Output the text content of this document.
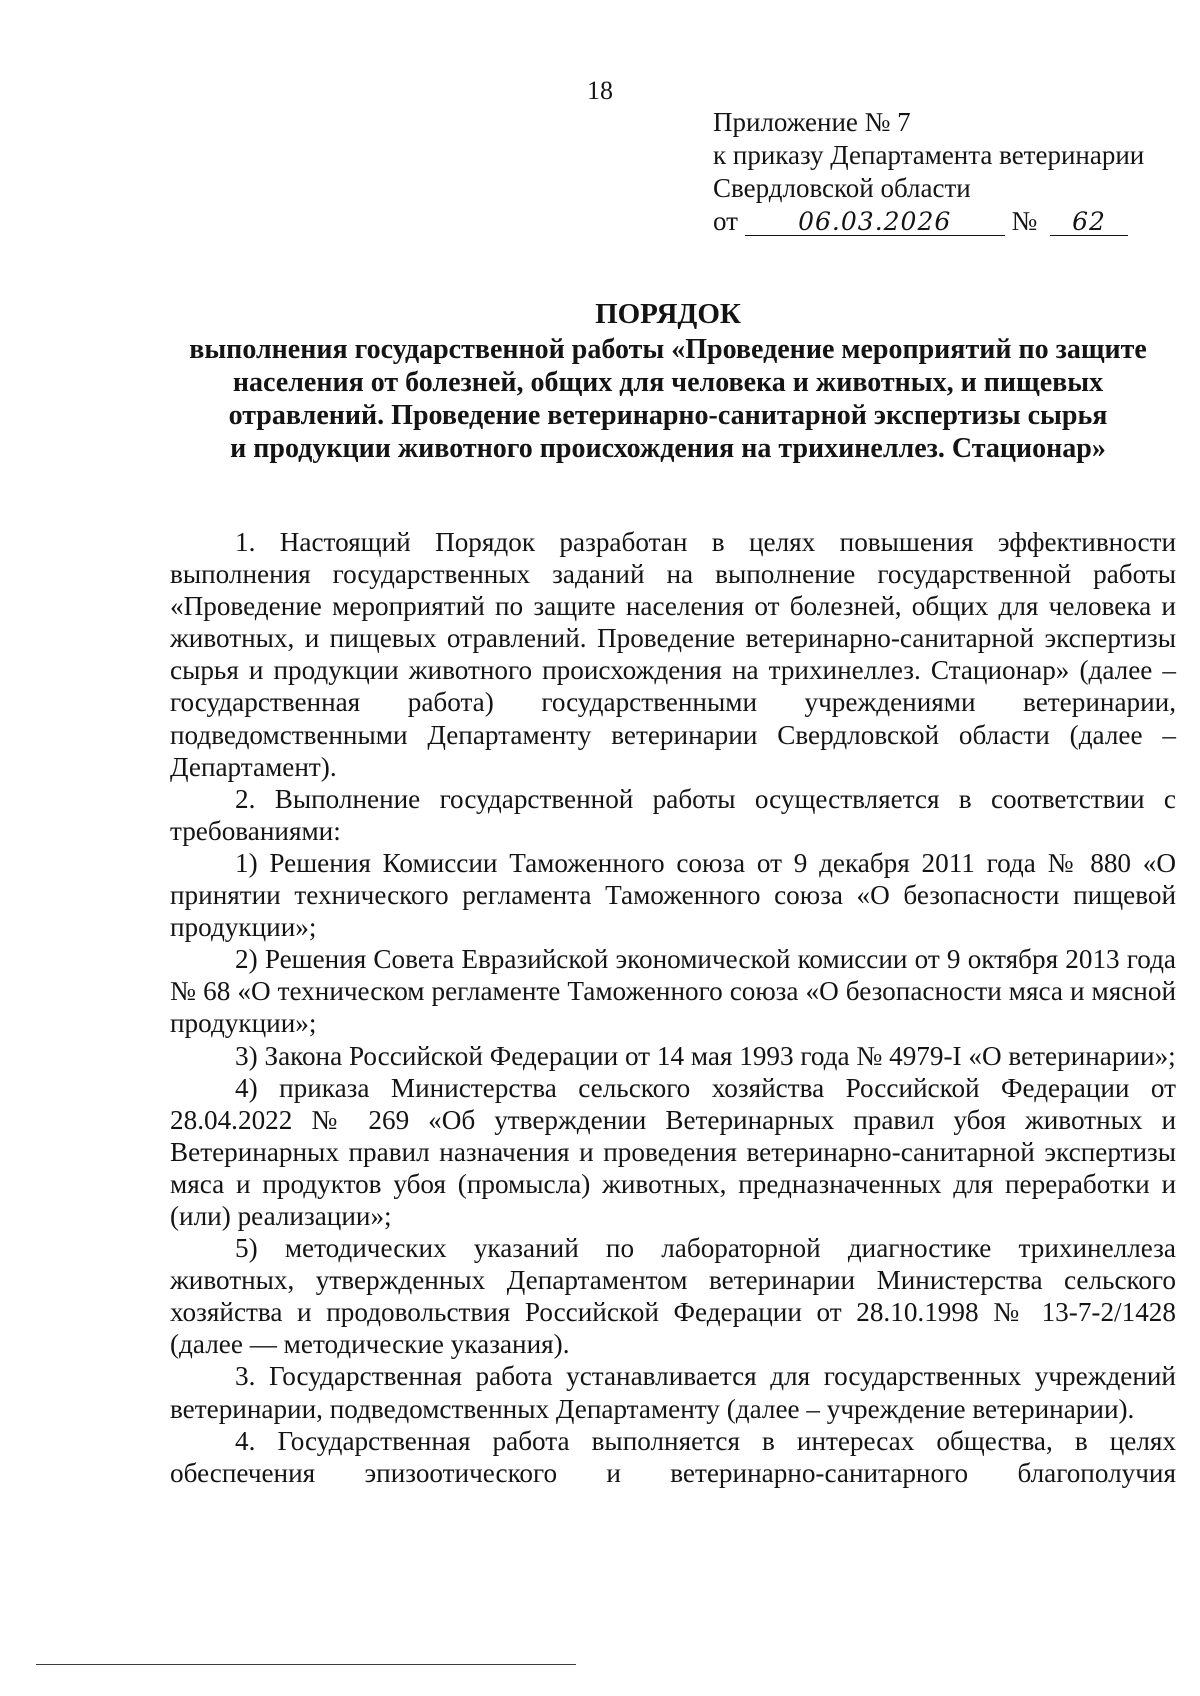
18
Приложение № 7
к приказу Департамента ветеринарии
Свердловской области
от 06.03.2026 № 62
ПОРЯДОК
выполнения государственной работы «Проведение мероприятий по защите
населения от болезней, общих для человека и животных, и пищевых
отравлений. Проведение ветеринарно-санитарной экспертизы сырья
и продукции животного происхождения на трихинеллез. Стационар»

1. Настоящий Порядок разработан в целях повышения эффективности выполнения государственных заданий на выполнение государственной работы «Проведение мероприятий по защите населения от болезней, общих для человека и животных, и пищевых отравлений. Проведение ветеринарно-санитарной экспертизы сырья и продукции животного происхождения на трихинеллез. Стационар» (далее – государственная работа) государственными учреждениями ветеринарии, подведомственными Департаменту ветеринарии Свердловской области (далее – Департамент).

2. Выполнение государственной работы осуществляется в соответствии с требованиями:

1) Решения Комиссии Таможенного союза от 9 декабря 2011 года № 880 «О принятии технического регламента Таможенного союза «О безопасности пищевой продукции»;

2) Решения Совета Евразийской экономической комиссии от 9 октября 2013 года № 68 «О техническом регламенте Таможенного союза «О безопасности мяса и мясной продукции»;

3) Закона Российской Федерации от 14 мая 1993 года № 4979-I «О ветеринарии»;

4) приказа Министерства сельского хозяйства Российской Федерации от 28.04.2022 № 269 «Об утверждении Ветеринарных правил убоя животных и Ветеринарных правил назначения и проведения ветеринарно-санитарной экспертизы мяса и продуктов убоя (промысла) животных, предназначенных для переработки и (или) реализации»;

5) методических указаний по лабораторной диагностике трихинеллеза животных, утвержденных Департаментом ветеринарии Министерства сельского хозяйства и продовольствия Российской Федерации от 28.10.1998 № 13-7-2/1428 (далее — методические указания).

3. Государственная работа устанавливается для государственных учреждений ветеринарии, подведомственных Департаменту (далее – учреждение ветеринарии).

4. Государственная работа выполняется в интересах общества, в целях обеспечения эпизоотического и ветеринарно-санитарного благополучия
